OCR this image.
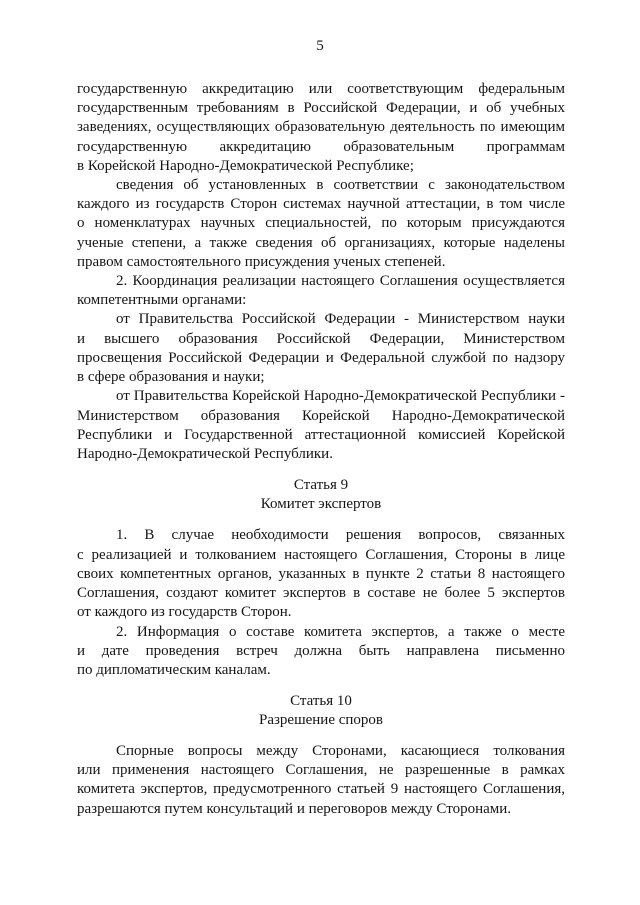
5
государственную аккредитацию или соответствующим федеральным
государственным требованиям в Российской Федерации, и об учебных
заведениях, осуществляющих образовательную деятельность по имеющим
государственную аккредитацию образовательным программам
в Корейской Народно-Демократической Республике;
сведения об установленных в соответствии с законодательством
каждого из государств Сторон системах научной аттестации, в том числе
о номенклатурах научных специальностей, по которым присуждаются
ученые степени, а также сведения об организациях, которые наделены
правом самостоятельного присуждения ученых степеней.
2. Координация реализации настоящего Соглашения осуществляется
компетентными органами:
от Правительства Российской Федерации - Министерством науки
и высшего образования Российской Федерации, Министерством
просвещения Российской Федерации и Федеральной службой по надзору
в сфере образования и науки;
от Правительства Корейской Народно-Демократической Республики -
Министерством образования Корейской Народно-Демократической
Республики и Государственной аттестационной комиссией Корейской
Народно-Демократической Республики.
Статья 9
Комитет экспертов
1. В случае необходимости решения вопросов, связанных
с реализацией и толкованием настоящего Соглашения, Стороны в лице
своих компетентных органов, указанных в пункте 2 статьи 8 настоящего
Соглашения, создают комитет экспертов в составе не более 5 экспертов
от каждого из государств Сторон.
2. Информация о составе комитета экспертов, а также о месте
и дате проведения встреч должна быть направлена письменно
по дипломатическим каналам.
Статья 10
Разрешение споров
Спорные вопросы между Сторонами, касающиеся толкования
или применения настоящего Соглашения, не разрешенные в рамках
комитета экспертов, предусмотренного статьей 9 настоящего Соглашения,
разрешаются путем консультаций и переговоров между Сторонами.
